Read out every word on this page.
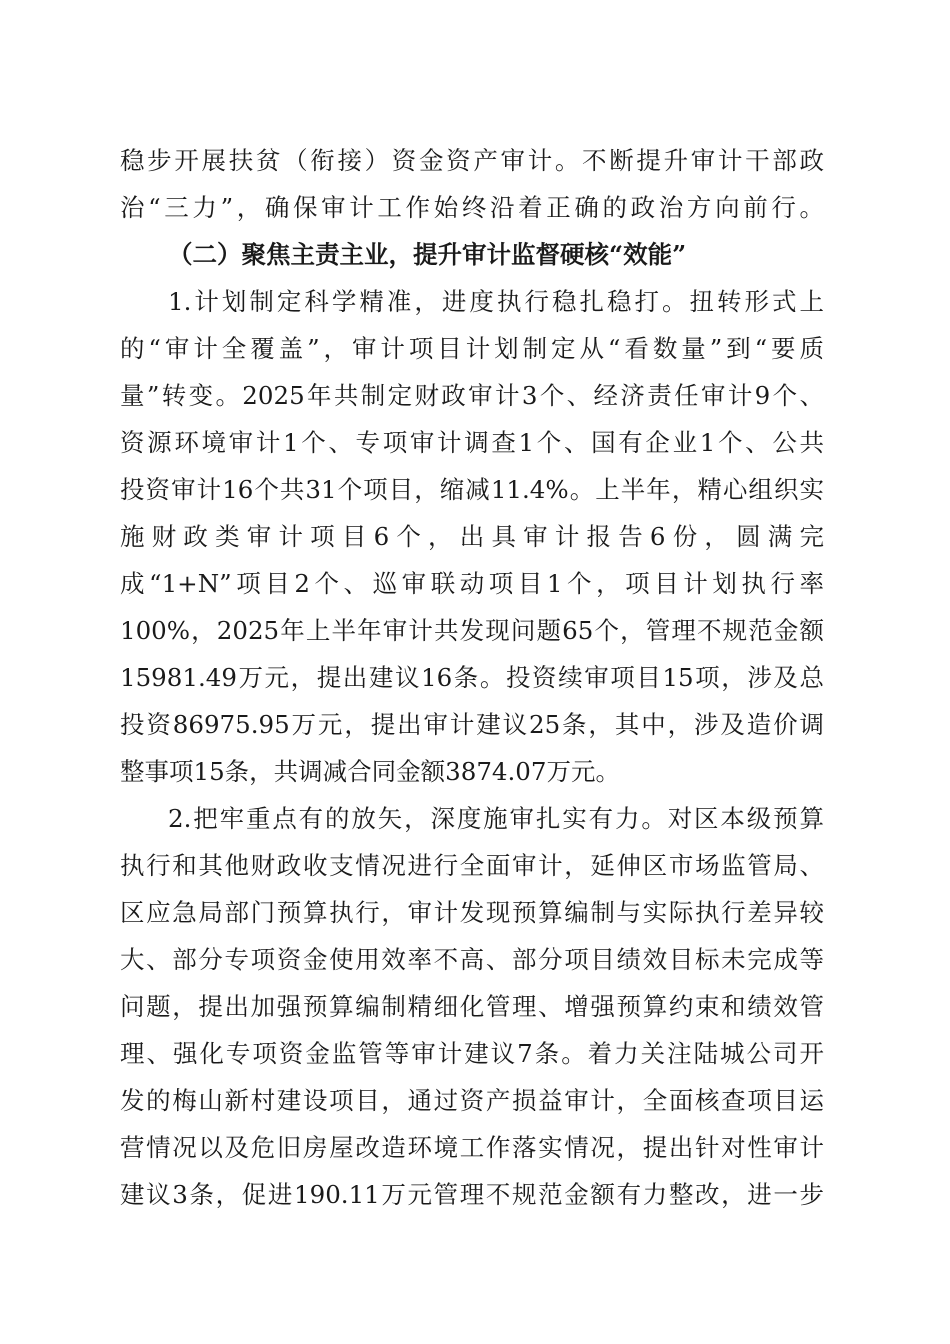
稳步开展扶贫（衔接）资金资产审计。不断提升审计干部政
治“三力”，确保审计工作始终沿着正确的政治方向前行。
（二）聚焦主责主业，提升审计监督硬核“效能”
1.计划制定科学精准，进度执行稳扎稳打。扭转形式上
的“审计全覆盖”，审计项目计划制定从“看数量”到“要质
量”转变。2025年共制定财政审计3个、经济责任审计9个、
资源环境审计1个、专项审计调查1个、国有企业1个、公共
投资审计16个共31个项目，缩减11.4%。上半年，精心组织实
施财政类审计项目6个，出具审计报告6份，圆满完
成“1+N”项目2个、巡审联动项目1个，项目计划执行率
100%，2025年上半年审计共发现问题65个，管理不规范金额
15981.49万元，提出建议16条。投资续审项目15项，涉及总
投资86975.95万元，提出审计建议25条，其中，涉及造价调
整事项15条，共调减合同金额3874.07万元。
2.把牢重点有的放矢，深度施审扎实有力。对区本级预算
执行和其他财政收支情况进行全面审计，延伸区市场监管局、
区应急局部门预算执行，审计发现预算编制与实际执行差异较
大、部分专项资金使用效率不高、部分项目绩效目标未完成等
问题，提出加强预算编制精细化管理、增强预算约束和绩效管
理、强化专项资金监管等审计建议7条。着力关注陆城公司开
发的梅山新村建设项目，通过资产损益审计，全面核查项目运
营情况以及危旧房屋改造环境工作落实情况，提出针对性审计
建议3条，促进190.11万元管理不规范金额有力整改，进一步
